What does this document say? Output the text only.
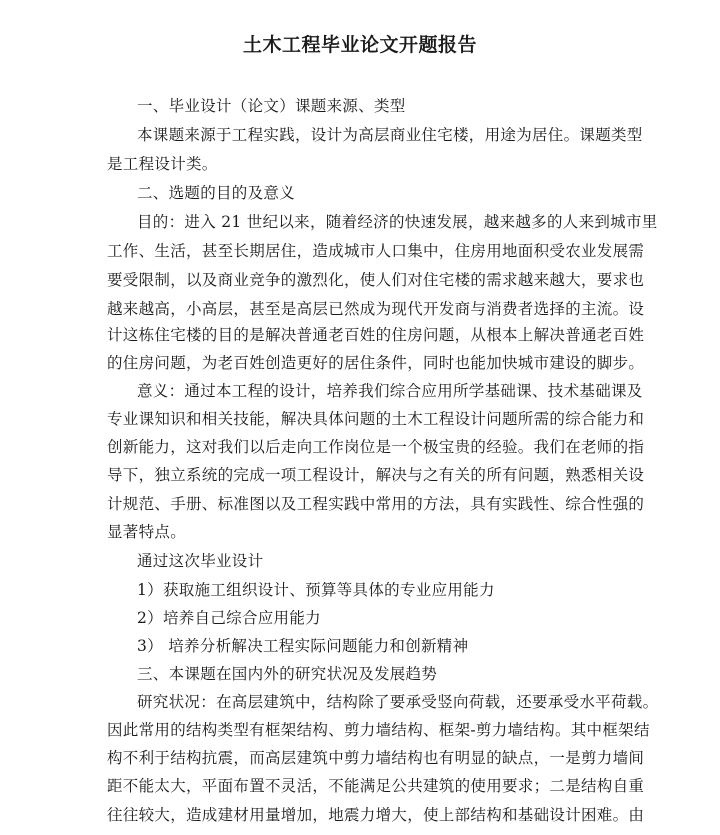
土木工程毕业论文开题报告
一、毕业设计（论文）课题来源、类型
本课题来源于工程实践，设计为高层商业住宅楼，用途为居住。课题类型
是工程设计类。
二、选题的目的及意义
目的：进入 21 世纪以来，随着经济的快速发展，越来越多的人来到城市里
工作、生活，甚至长期居住，造成城市人口集中，住房用地面积受农业发展需
要受限制，以及商业竞争的激烈化，使人们对住宅楼的需求越来越大，要求也
越来越高，小高层，甚至是高层已然成为现代开发商与消费者选择的主流。设
计这栋住宅楼的目的是解决普通老百姓的住房问题，从根本上解决普通老百姓
的住房问题，为老百姓创造更好的居住条件，同时也能加快城市建设的脚步。
意义：通过本工程的设计，培养我们综合应用所学基础课、技术基础课及
专业课知识和相关技能，解决具体问题的土木工程设计问题所需的综合能力和
创新能力，这对我们以后走向工作岗位是一个极宝贵的经验。我们在老师的指
导下，独立系统的完成一项工程设计，解决与之有关的所有问题，熟悉相关设
计规范、手册、标准图以及工程实践中常用的方法，具有实践性、综合性强的
显著特点。
通过这次毕业设计
1）获取施工组织设计、预算等具体的专业应用能力
2）培养自己综合应用能力
3） 培养分析解决工程实际问题能力和创新精神
三、本课题在国内外的研究状况及发展趋势
研究状况：在高层建筑中，结构除了要承受竖向荷载，还要承受水平荷载。
因此常用的结构类型有框架结构、剪力墙结构、框架-剪力墙结构。其中框架结
构不利于结构抗震，而高层建筑中剪力墙结构也有明显的缺点，一是剪力墙间
距不能太大，平面布置不灵活，不能满足公共建筑的使用要求；二是结构自重
往往较大，造成建材用量增加，地震力增大，使上部结构和基础设计困难。由
